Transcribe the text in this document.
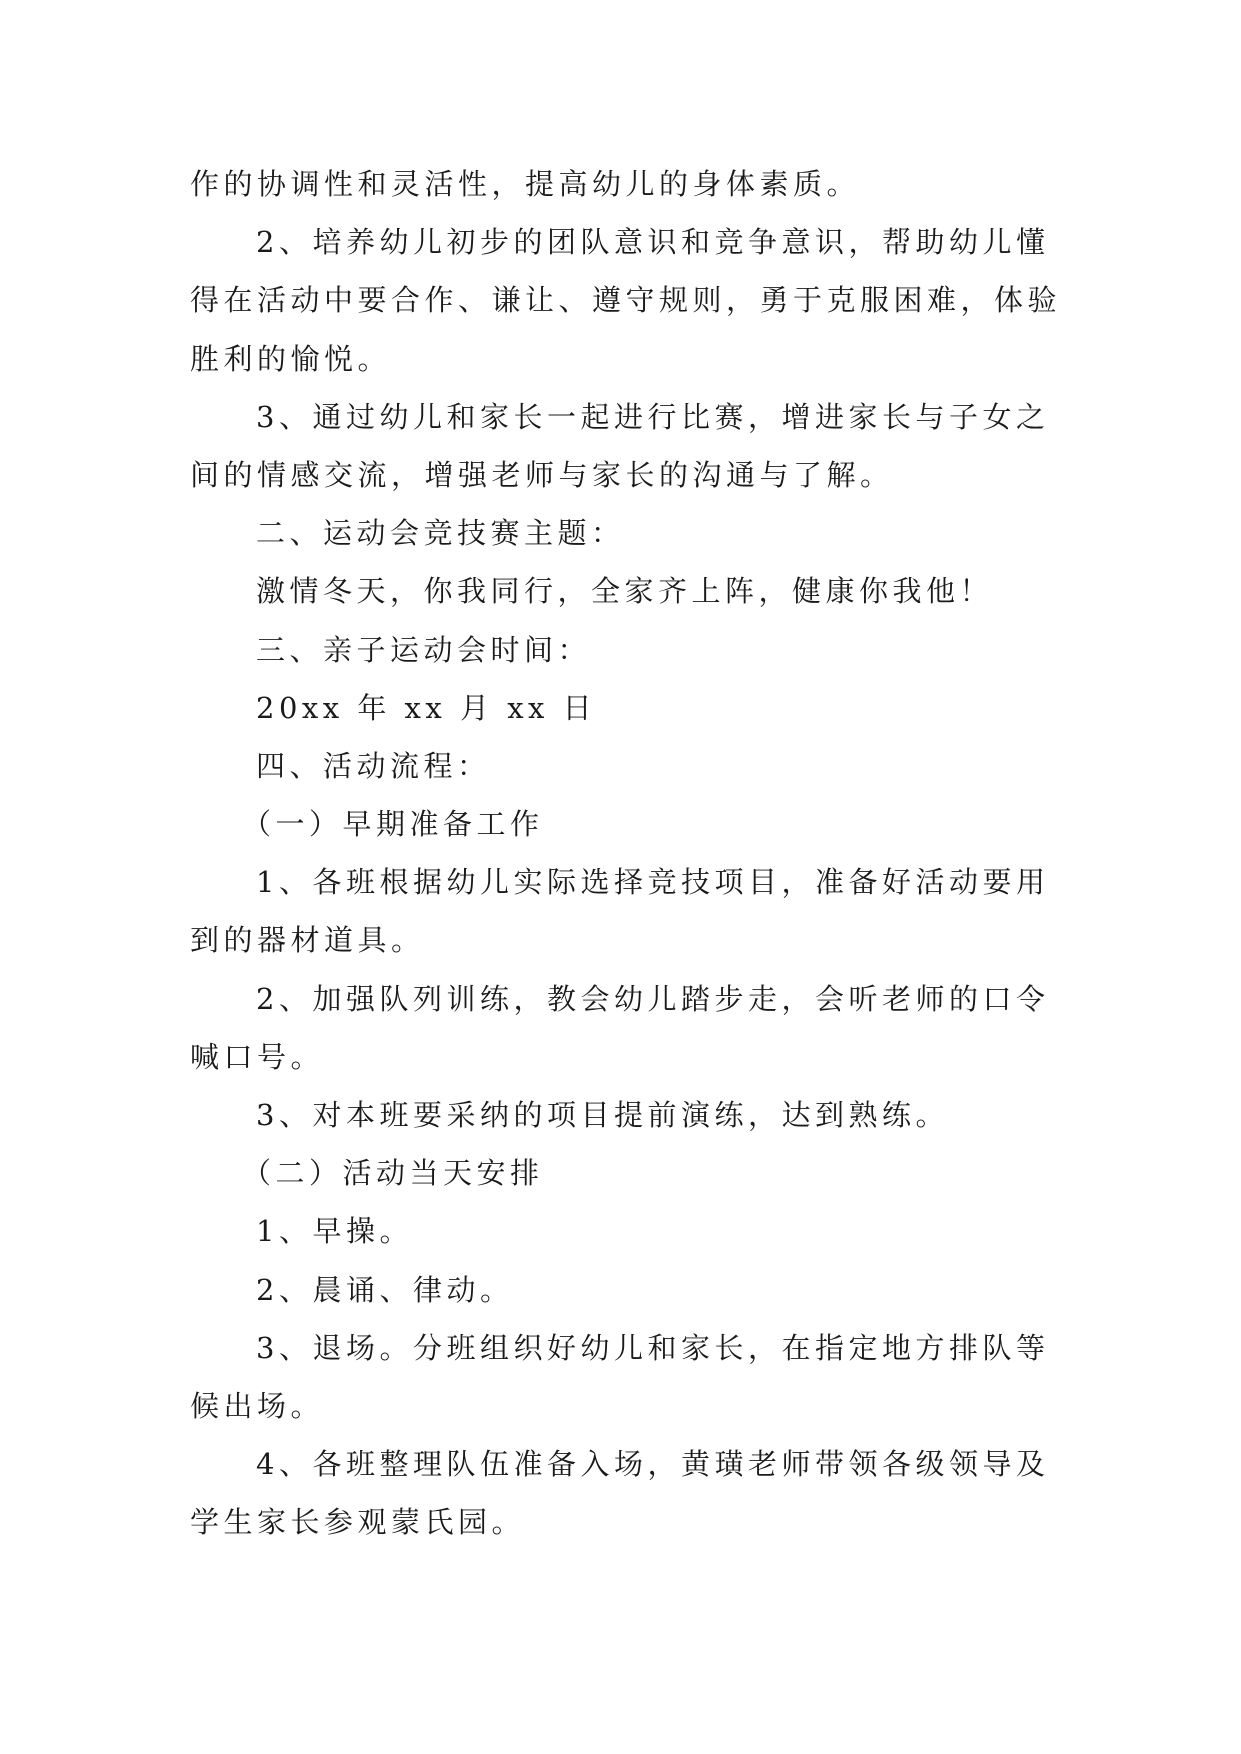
作的协调性和灵活性，提高幼儿的身体素质。
2、培养幼儿初步的团队意识和竞争意识，帮助幼儿懂
得在活动中要合作、谦让、遵守规则，勇于克服困难，体验
胜利的愉悦。
3、通过幼儿和家长一起进行比赛，增进家长与子女之
间的情感交流，增强老师与家长的沟通与了解。
二、运动会竞技赛主题：
激情冬天，你我同行，全家齐上阵，健康你我他！
三、亲子运动会时间：
20xx 年 xx 月 xx 日
四、活动流程：
（一）早期准备工作
1、各班根据幼儿实际选择竞技项目，准备好活动要用
到的器材道具。
2、加强队列训练，教会幼儿踏步走，会听老师的口令
喊口号。
3、对本班要采纳的项目提前演练，达到熟练。
（二）活动当天安排
1、早操。
2、晨诵、律动。
3、退场。分班组织好幼儿和家长，在指定地方排队等
候出场。
4、各班整理队伍准备入场，黄璜老师带领各级领导及
学生家长参观蒙氏园。
